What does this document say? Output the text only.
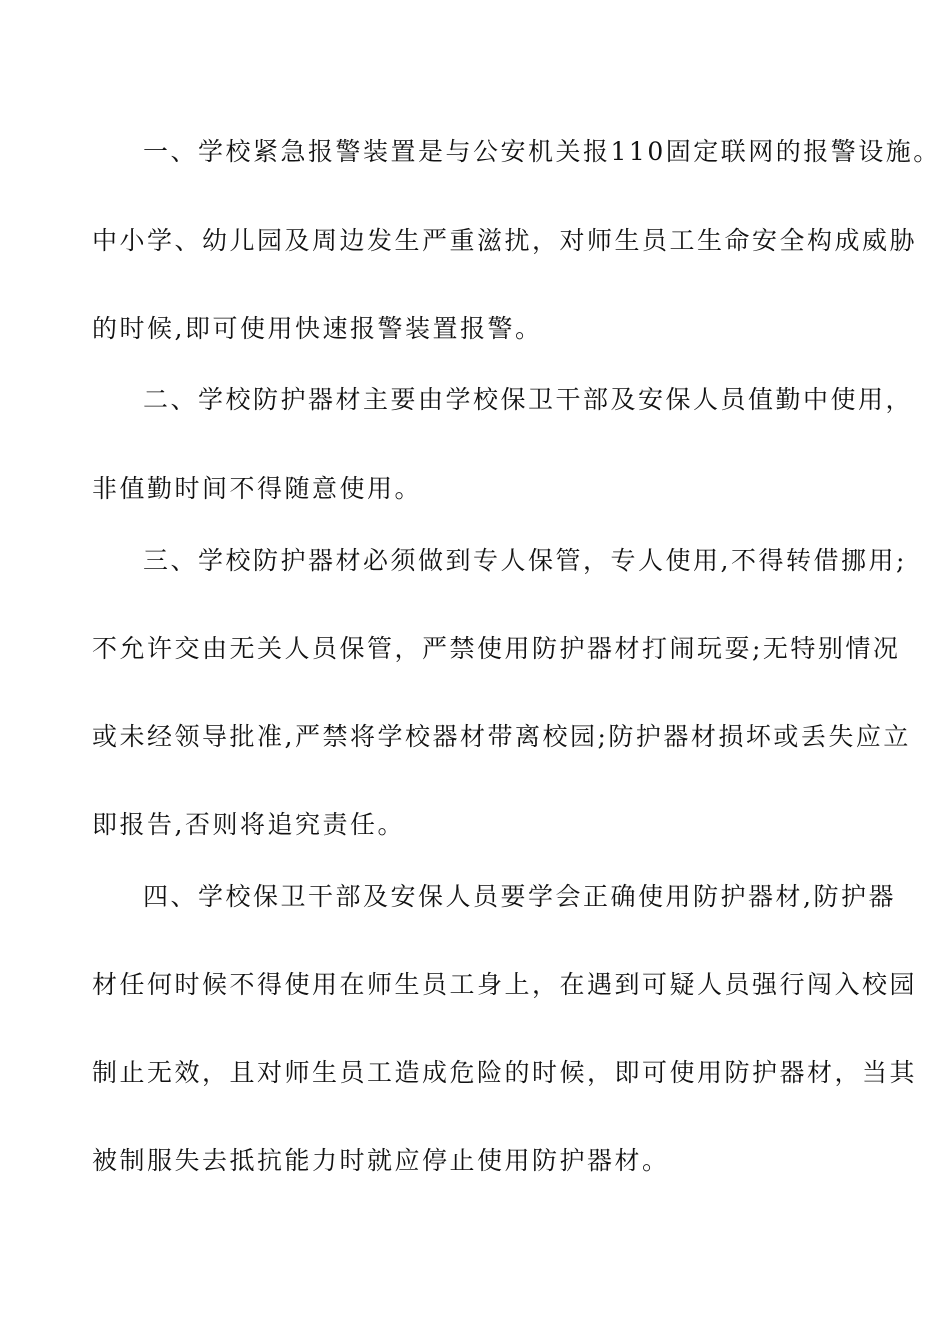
一、学校紧急报警装置是与公安机关报110固定联网的报警设施。
中小学、幼儿园及周边发生严重滋扰，对师生员工生命安全构成威胁
的时候,即可使用快速报警装置报警。
二、学校防护器材主要由学校保卫干部及安保人员值勤中使用，
非值勤时间不得随意使用。
三、学校防护器材必须做到专人保管，专人使用,不得转借挪用;
不允许交由无关人员保管，严禁使用防护器材打闹玩耍;无特别情况
或未经领导批准,严禁将学校器材带离校园;防护器材损坏或丢失应立
即报告,否则将追究责任。
四、学校保卫干部及安保人员要学会正确使用防护器材,防护器
材任何时候不得使用在师生员工身上，在遇到可疑人员强行闯入校园
制止无效，且对师生员工造成危险的时候，即可使用防护器材，当其
被制服失去抵抗能力时就应停止使用防护器材。
